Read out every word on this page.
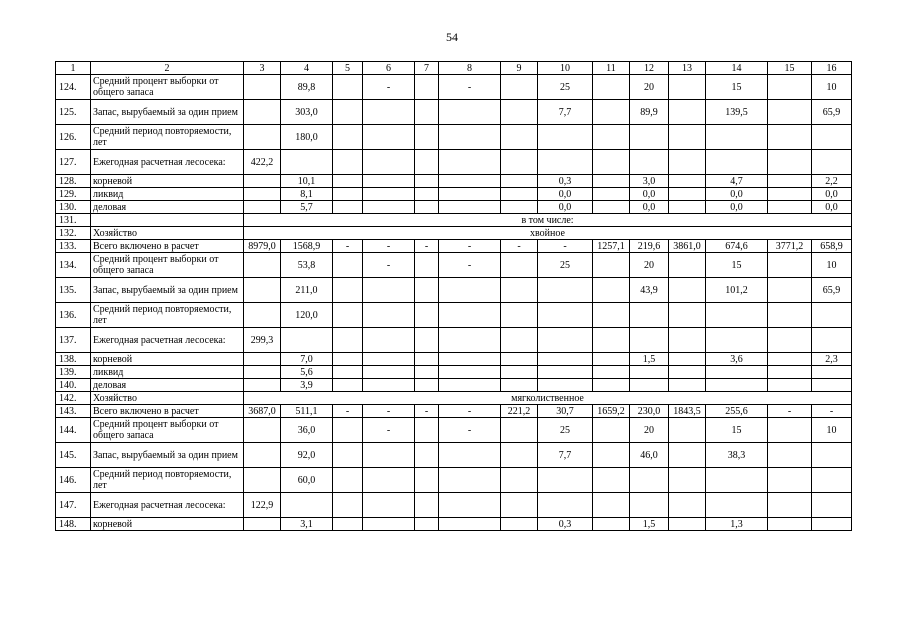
54
1	2	3	4	5	6	7	8	9	10	11	12	13	14	15	16
124.	Средний процент выборки от общего запаса		89,8		-		-		25		20		15		10
125.	Запас, вырубаемый за один прием		303,0						7,7		89,9		139,5		65,9
126.	Средний период повторяемости, лет		180,0												
127.	Ежегодная расчетная лесосека:	422,2													
128.	корневой		10,1						0,3		3,0		4,7		2,2
129.	ликвид		8,1						0,0		0,0		0,0		0,0
130.	деловая		5,7						0,0		0,0		0,0		0,0
131.		в том числе:													
132.	Хозяйство	хвойное													
133.	Всего включено в расчет	8979,0	1568,9	-	-	-	-	-	-	1257,1	219,6	3861,0	674,6	3771,2	658,9
134.	Средний процент выборки от общего запаса		53,8		-		-		25		20		15		10
135.	Запас, вырубаемый за один прием		211,0								43,9		101,2		65,9
136.	Средний период повторяемости, лет		120,0												
137.	Ежегодная расчетная лесосека:	299,3													
138.	корневой		7,0								1,5		3,6		2,3
139.	ликвид		5,6												
140.	деловая		3,9												
142.	Хозяйство	мягколиственное													
143.	Всего включено в расчет	3687,0	511,1	-	-	-	-	221,2	30,7	1659,2	230,0	1843,5	255,6	-	-
144.	Средний процент выборки от общего запаса		36,0		-		-		25		20		15		10
145.	Запас, вырубаемый за один прием		92,0						7,7		46,0		38,3		
146.	Средний период повторяемости, лет		60,0												
147.	Ежегодная расчетная лесосека:	122,9													
148.	корневой		3,1						0,3		1,5		1,3		
